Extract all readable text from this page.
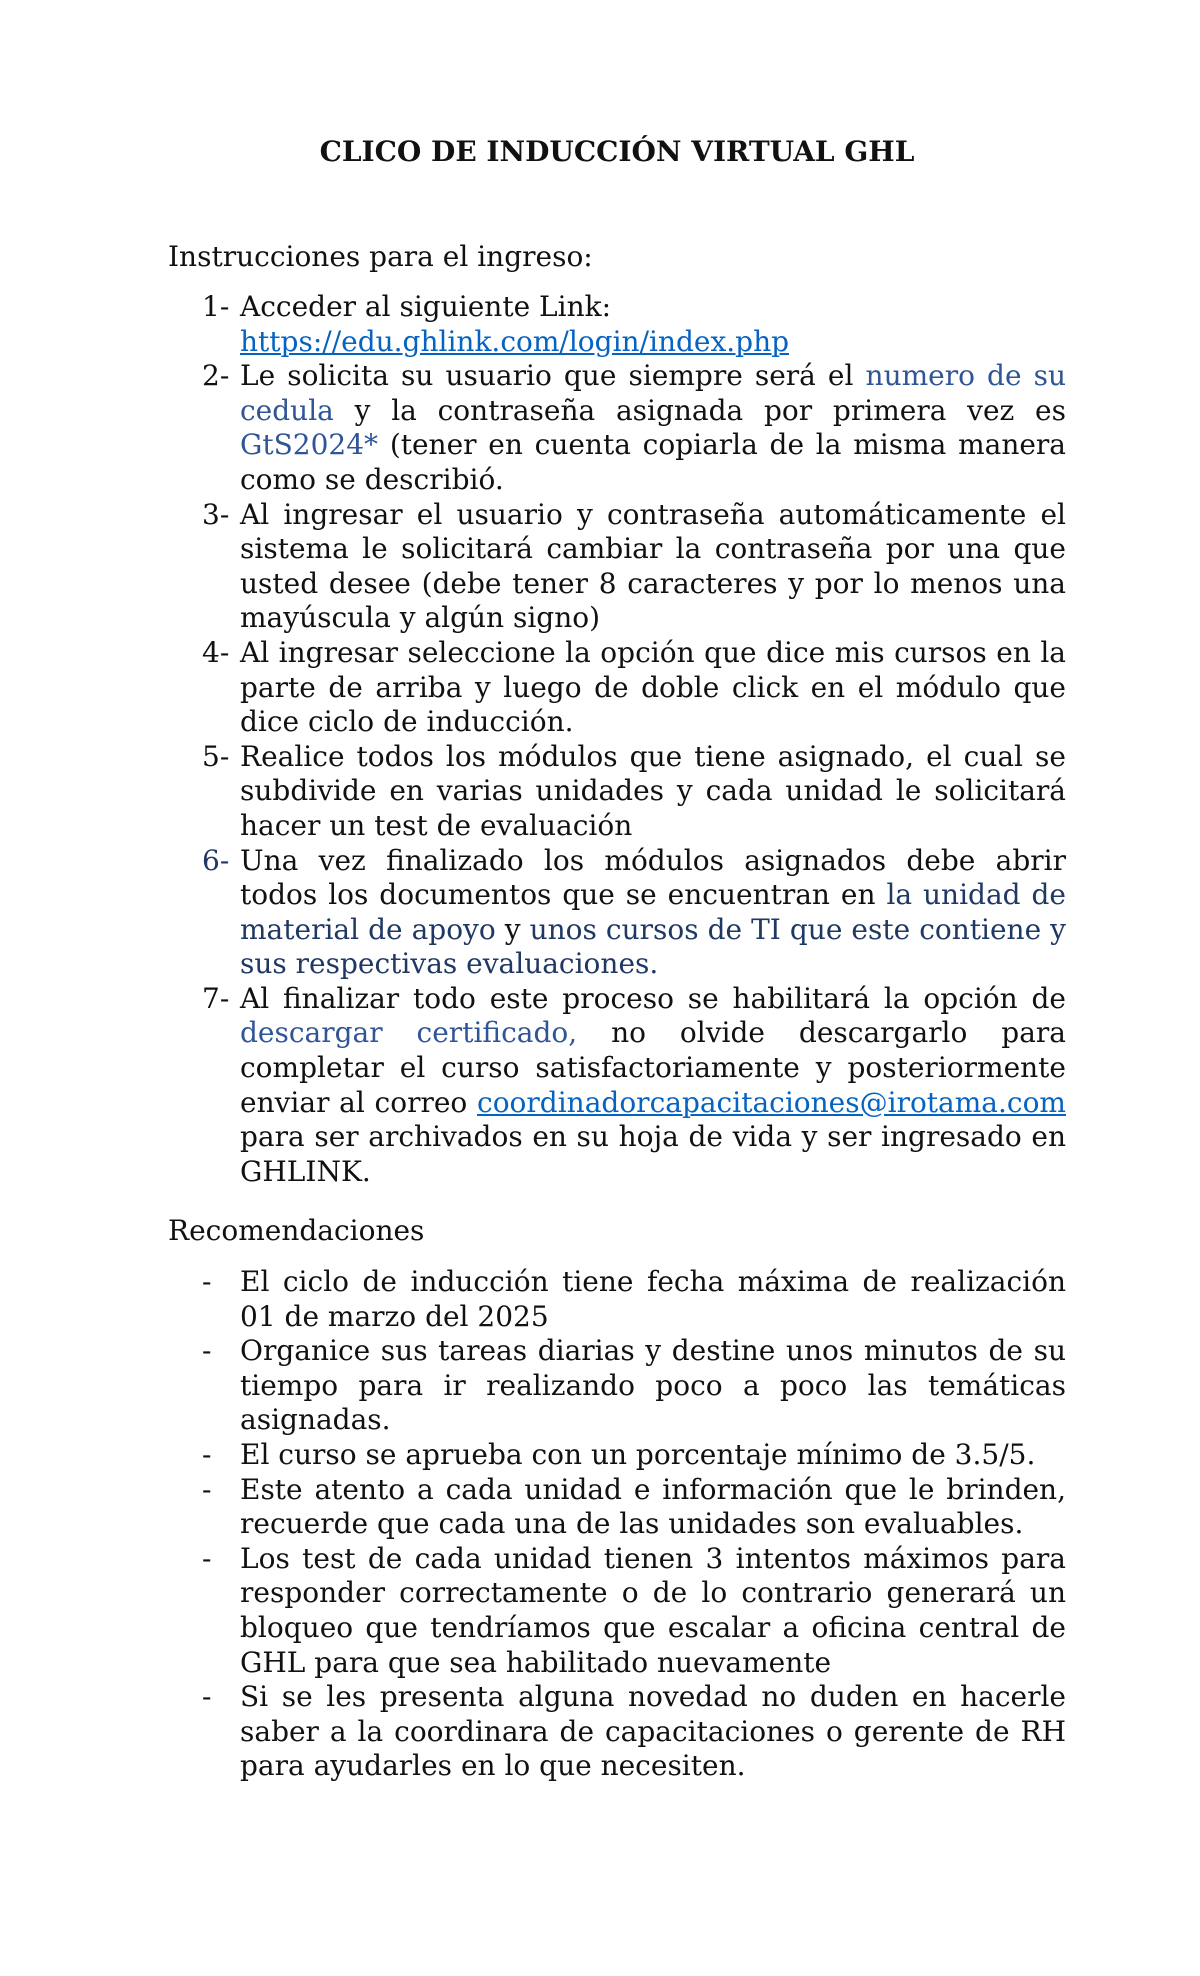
CLICO DE INDUCCIÓN VIRTUAL GHL

Instrucciones para el ingreso:

1- Acceder al siguiente Link:
https://edu.ghlink.com/login/index.php
2- Le solicita su usuario que siempre será el numero de su cedula y la contraseña asignada por primera vez es GtS2024* (tener en cuenta copiarla de la misma manera como se describió.
3- Al ingresar el usuario y contraseña automáticamente el sistema le solicitará cambiar la contraseña por una que usted desee (debe tener 8 caracteres y por lo menos una mayúscula y algún signo)
4- Al ingresar seleccione la opción que dice mis cursos en la parte de arriba y luego de doble click en el módulo que dice ciclo de inducción.
5- Realice todos los módulos que tiene asignado, el cual se subdivide en varias unidades y cada unidad le solicitará hacer un test de evaluación
6- Una vez finalizado los módulos asignados debe abrir todos los documentos que se encuentran en la unidad de material de apoyo y unos cursos de TI que este contiene y sus respectivas evaluaciones.
7- Al finalizar todo este proceso se habilitará la opción de descargar certificado, no olvide descargarlo para completar el curso satisfactoriamente y posteriormente enviar al correo coordinadorcapacitaciones@irotama.com para ser archivados en su hoja de vida y ser ingresado en GHLINK.

Recomendaciones

- El ciclo de inducción tiene fecha máxima de realización 01 de marzo del 2025
- Organice sus tareas diarias y destine unos minutos de su tiempo para ir realizando poco a poco las temáticas asignadas.
- El curso se aprueba con un porcentaje mínimo de 3.5/5.
- Este atento a cada unidad e información que le brinden, recuerde que cada una de las unidades son evaluables.
- Los test de cada unidad tienen 3 intentos máximos para responder correctamente o de lo contrario generará un bloqueo que tendríamos que escalar a oficina central de GHL para que sea habilitado nuevamente
- Si se les presenta alguna novedad no duden en hacerle saber a la coordinara de capacitaciones o gerente de RH para ayudarles en lo que necesiten.
